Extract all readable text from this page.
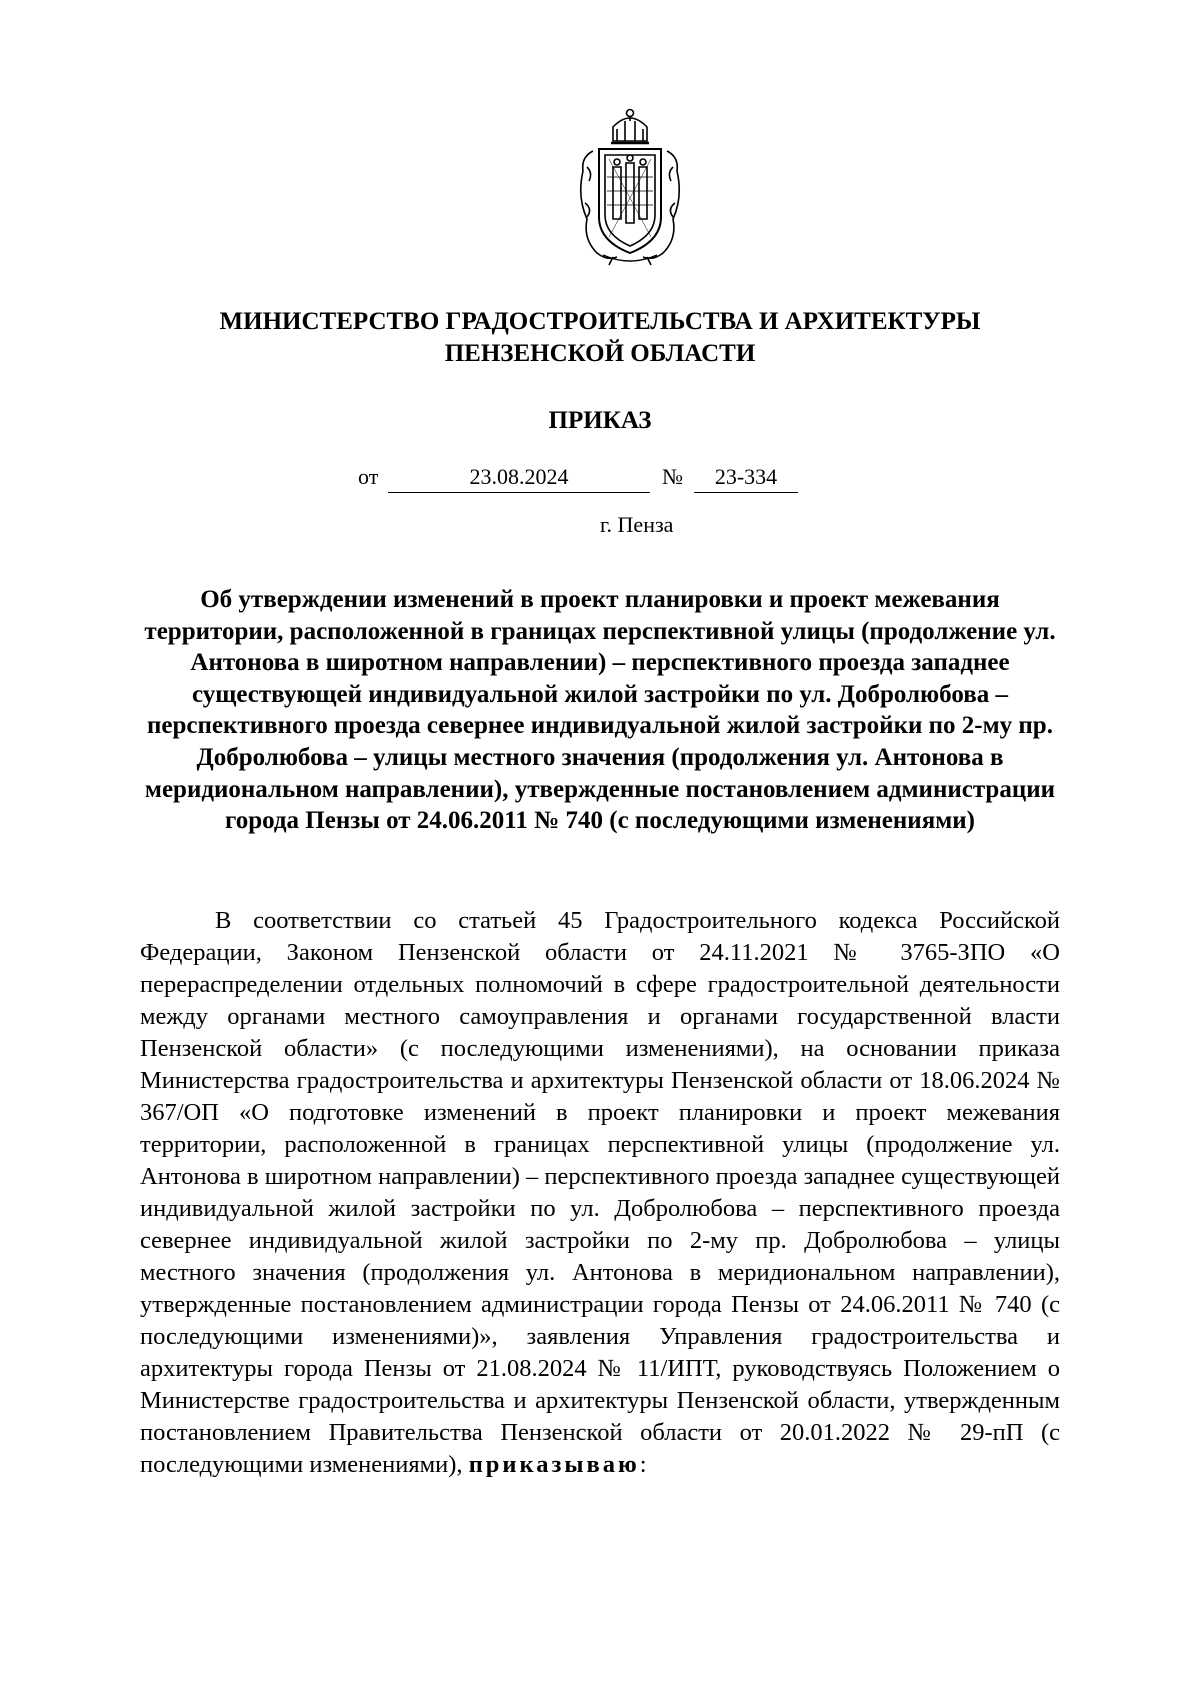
МИНИСТЕРСТВО ГРАДОСТРОИТЕЛЬСТВА И АРХИТЕКТУРЫ
ПЕНЗЕНСКОЙ ОБЛАСТИ
ПРИКАЗ
от	23.08.2024	№	23-334
г. Пенза
Об утверждении изменений в проект планировки и проект межевания территории, расположенной в границах перспективной улицы (продолжение ул. Антонова в широтном направлении) – перспективного проезда западнее существующей индивидуальной жилой застройки по ул. Добролюбова – перспективного проезда севернее индивидуальной жилой застройки по 2-му пр. Добролюбова – улицы местного значения (продолжения ул. Антонова в меридиональном направлении), утвержденные постановлением администрации города Пензы от 24.06.2011 № 740 (с последующими изменениями)

В соответствии со статьей 45 Градостроительного кодекса Российской Федерации, Законом Пензенской области от 24.11.2021 № 3765-ЗПО «О перераспределении отдельных полномочий в сфере градостроительной деятельности между органами местного самоуправления и органами государственной власти Пензенской области» (с последующими изменениями), на основании приказа Министерства градостроительства и архитектуры Пензенской области от 18.06.2024 № 367/ОП «О подготовке изменений в проект планировки и проект межевания территории, расположенной в границах перспективной улицы (продолжение ул. Антонова в широтном направлении) – перспективного проезда западнее существующей индивидуальной жилой застройки по ул. Добролюбова – перспективного проезда севернее индивидуальной жилой застройки по 2-му пр. Добролюбова – улицы местного значения (продолжения ул. Антонова в меридиональном направлении), утвержденные постановлением администрации города Пензы от 24.06.2011 № 740 (с последующими изменениями)», заявления Управления градостроительства и архитектуры города Пензы от 21.08.2024 № 11/ИПТ, руководствуясь Положением о Министерстве градостроительства и архитектуры Пензенской области, утвержденным постановлением Правительства Пензенской области от 20.01.2022 № 29-пП (с последующими изменениями), приказываю:
